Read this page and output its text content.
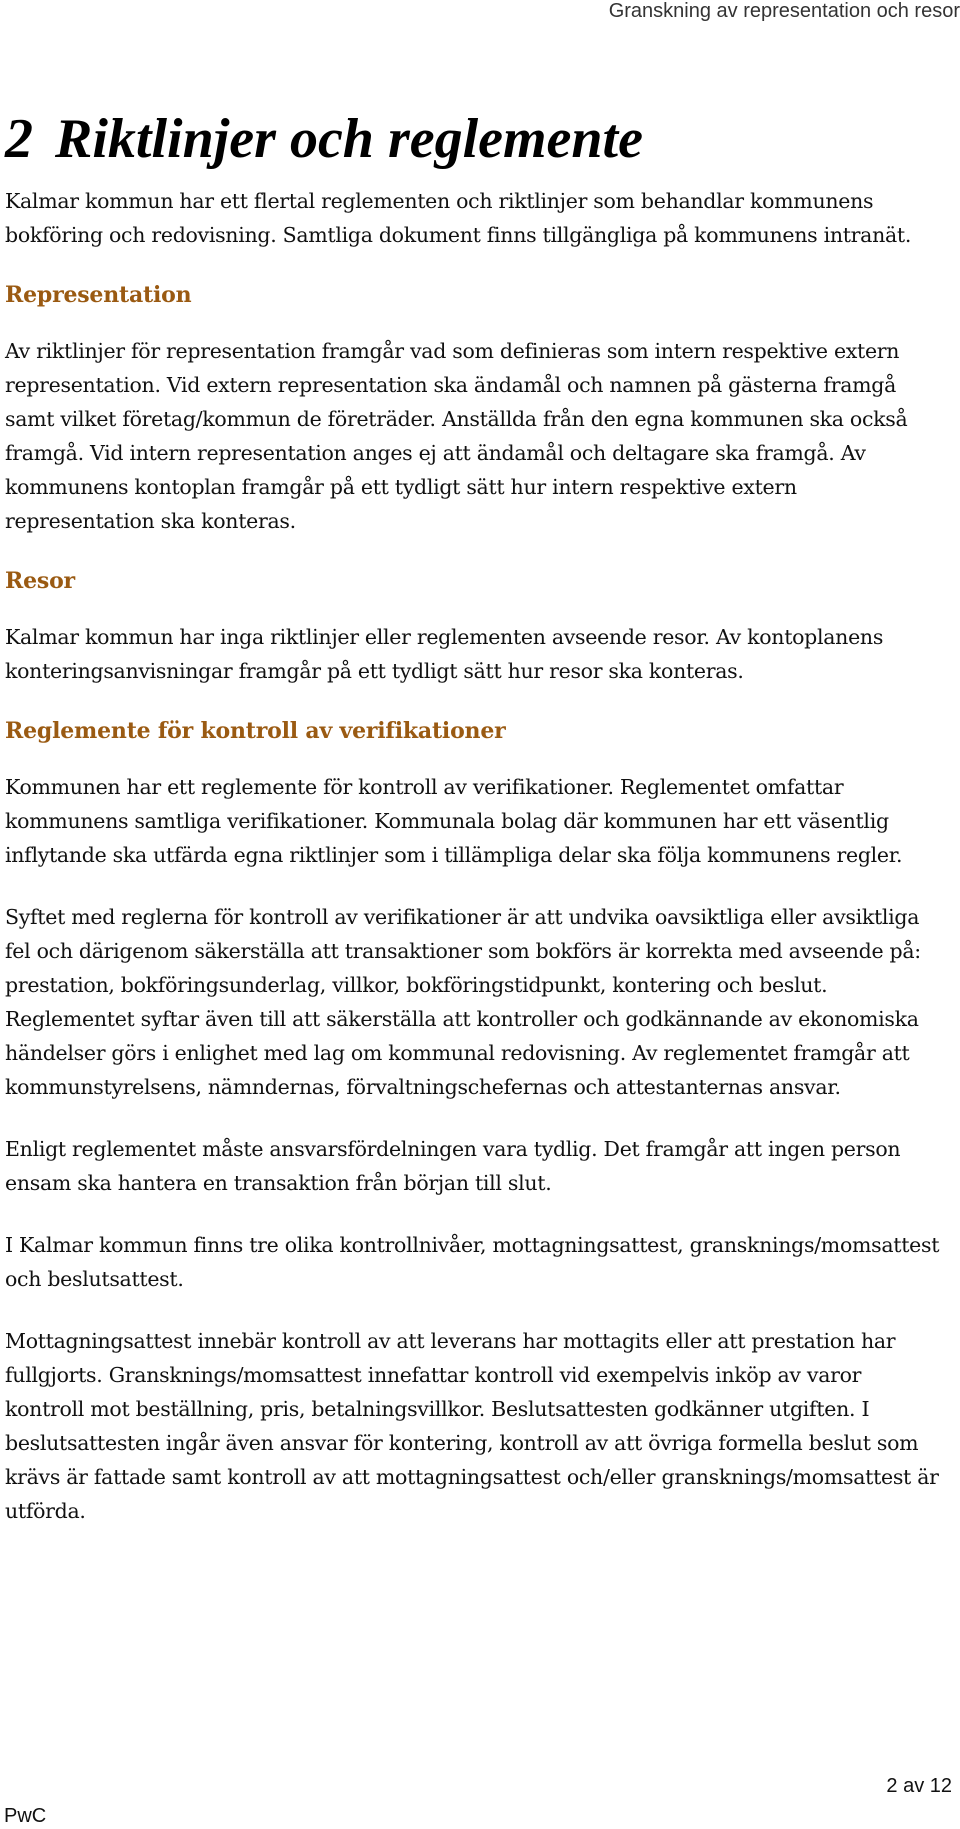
Granskning av representation och resor
2 Riktlinjer och reglemente

Kalmar kommun har ett flertal reglementen och riktlinjer som behandlar kommunens bokföring och redovisning. Samtliga dokument finns tillgängliga på kommunens intranät.

Representation

Av riktlinjer för representation framgår vad som definieras som intern respektive extern representation. Vid extern representation ska ändamål och namnen på gästerna framgå samt vilket företag/kommun de företräder. Anställda från den egna kommunen ska också framgå. Vid intern representation anges ej att ändamål och deltagare ska framgå. Av kommunens kontoplan framgår på ett tydligt sätt hur intern respektive extern representation ska konteras.

Resor

Kalmar kommun har inga riktlinjer eller reglementen avseende resor. Av kontoplanens konteringsanvisningar framgår på ett tydligt sätt hur resor ska konteras.

Reglemente för kontroll av verifikationer

Kommunen har ett reglemente för kontroll av verifikationer. Reglementet omfattar kommunens samtliga verifikationer. Kommunala bolag där kommunen har ett väsentlig inflytande ska utfärda egna riktlinjer som i tillämpliga delar ska följa kommunens regler.

Syftet med reglerna för kontroll av verifikationer är att undvika oavsiktliga eller avsiktliga fel och därigenom säkerställa att transaktioner som bokförs är korrekta med avseende på: prestation, bokföringsunderlag, villkor, bokföringstidpunkt, kontering och beslut. Reglementet syftar även till att säkerställa att kontroller och godkännande av ekonomiska händelser görs i enlighet med lag om kommunal redovisning. Av reglementet framgår att kommunstyrelsens, nämndernas, förvaltningschefernas och attestanternas ansvar.

Enligt reglementet måste ansvarsfördelningen vara tydlig. Det framgår att ingen person ensam ska hantera en transaktion från början till slut.

I Kalmar kommun finns tre olika kontrollnivåer, mottagningsattest, gransknings/momsattest och beslutsattest.

Mottagningsattest innebär kontroll av att leverans har mottagits eller att prestation har fullgjorts. Gransknings/momsattest innefattar kontroll vid exempelvis inköp av varor kontroll mot beställning, pris, betalningsvillkor. Beslutsattesten godkänner utgiften. I beslutsattesten ingår även ansvar för kontering, kontroll av att övriga formella beslut som krävs är fattade samt kontroll av att mottagningsattest och/eller gransknings/momsattest är utförda.

2 av 12
PwC
